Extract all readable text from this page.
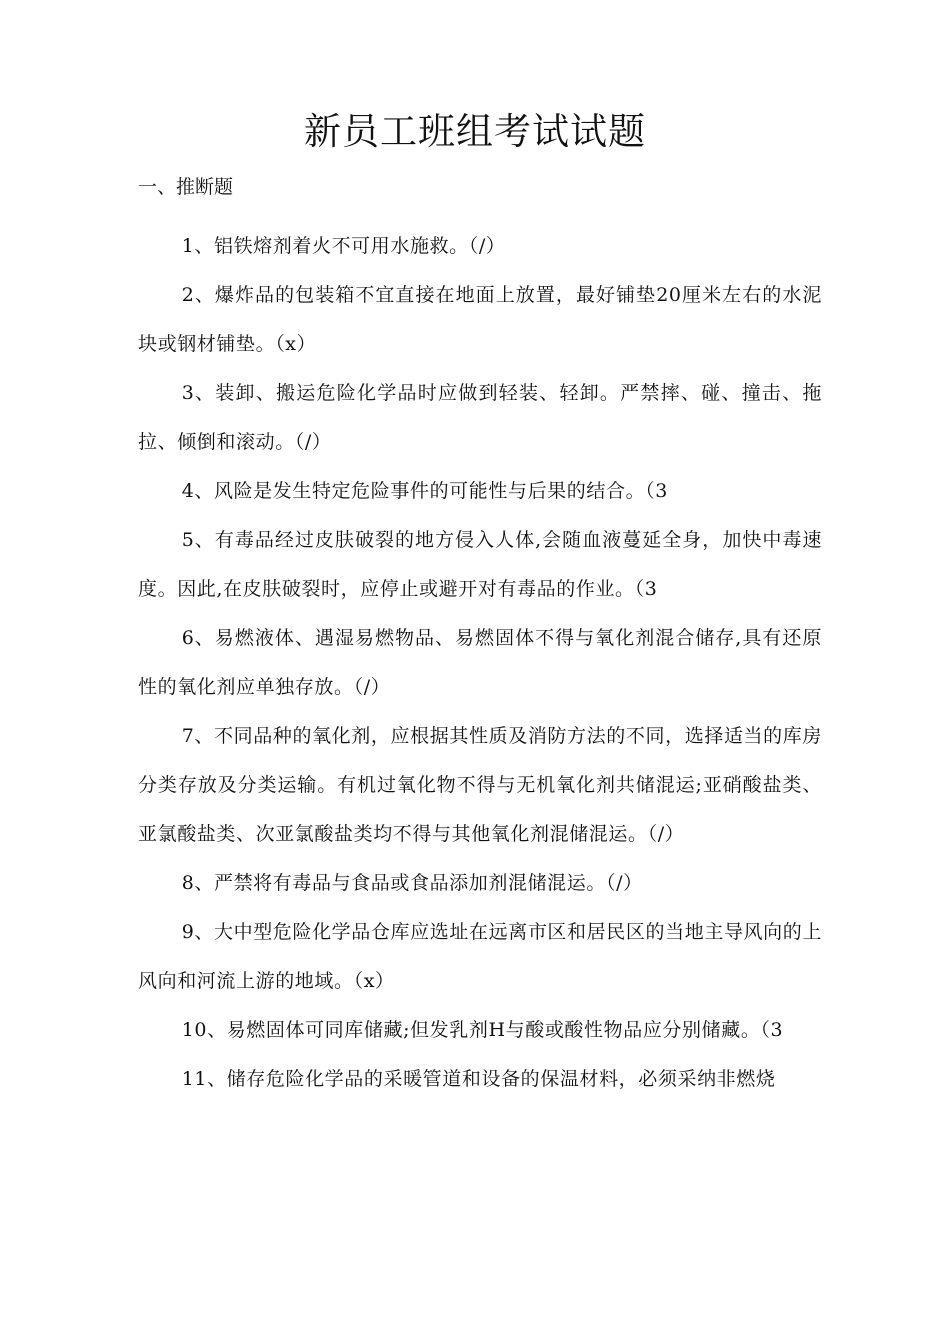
新员工班组考试试题
一、推断题

1、铝铁熔剂着火不可用水施救。（/）

2、爆炸品的包装箱不宜直接在地面上放置，最好铺垫20厘米左右的水泥块或钢材铺垫。（x）

3、装卸、搬运危险化学品时应做到轻装、轻卸。严禁摔、碰、撞击、拖拉、倾倒和滚动。（/）

4、风险是发生特定危险事件的可能性与后果的结合。（3

5、有毒品经过皮肤破裂的地方侵入人体,会随血液蔓延全身，加快中毒速度。因此,在皮肤破裂时，应停止或避开对有毒品的作业。（3

6、易燃液体、遇湿易燃物品、易燃固体不得与氧化剂混合储存,具有还原性的氧化剂应单独存放。（/）

7、不同品种的氧化剂，应根据其性质及消防方法的不同，选择适当的库房分类存放及分类运输。有机过氧化物不得与无机氧化剂共储混运;亚硝酸盐类、亚氯酸盐类、次亚氯酸盐类均不得与其他氧化剂混储混运。（/）

8、严禁将有毒品与食品或食品添加剂混储混运。（/）

9、大中型危险化学品仓库应选址在远离市区和居民区的当地主导风向的上风向和河流上游的地域。（x）

10、易燃固体可同库储藏;但发乳剂H与酸或酸性物品应分别储藏。（3

11、储存危险化学品的采暖管道和设备的保温材料，必须采纳非燃烧
